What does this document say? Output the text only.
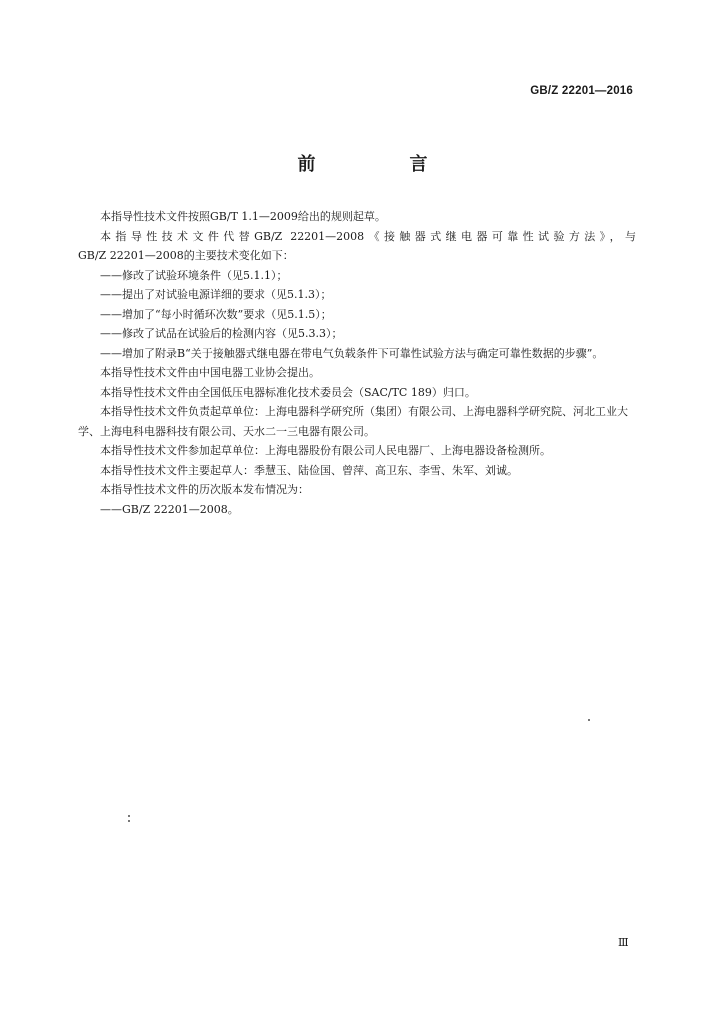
GB/Z 22201—2016
前　言

本指导性技术文件按照GB/T 1.1—2009给出的规则起草。

本指导性技术文件代替GB/Z 22201—2008《接触器式继电器可靠性试验方法》，与

GB/Z 22201—2008的主要技术变化如下：

——修改了试验环境条件（见5.1.1）；

——提出了对试验电源详细的要求（见5.1.3）；

——增加了“每小时循环次数”要求（见5.1.5）；

——修改了试品在试验后的检测内容（见5.3.3）；

——增加了附录B“关于接触器式继电器在带电气负载条件下可靠性试验方法与确定可靠性数据的步骤”。

本指导性技术文件由中国电器工业协会提出。

本指导性技术文件由全国低压电器标准化技术委员会（SAC/TC 189）归口。

本指导性技术文件负责起草单位：上海电器科学研究所（集团）有限公司、上海电器科学研究院、河北工业大学、上海电科电器科技有限公司、天水二一三电器有限公司。

本指导性技术文件参加起草单位：上海电器股份有限公司人民电器厂、上海电器设备检测所。

本指导性技术文件主要起草人：季慧玉、陆俭国、曾萍、高卫东、李雪、朱军、刘诚。

本指导性技术文件的历次版本发布情况为：

——GB/Z 22201—2008。

Ⅲ
